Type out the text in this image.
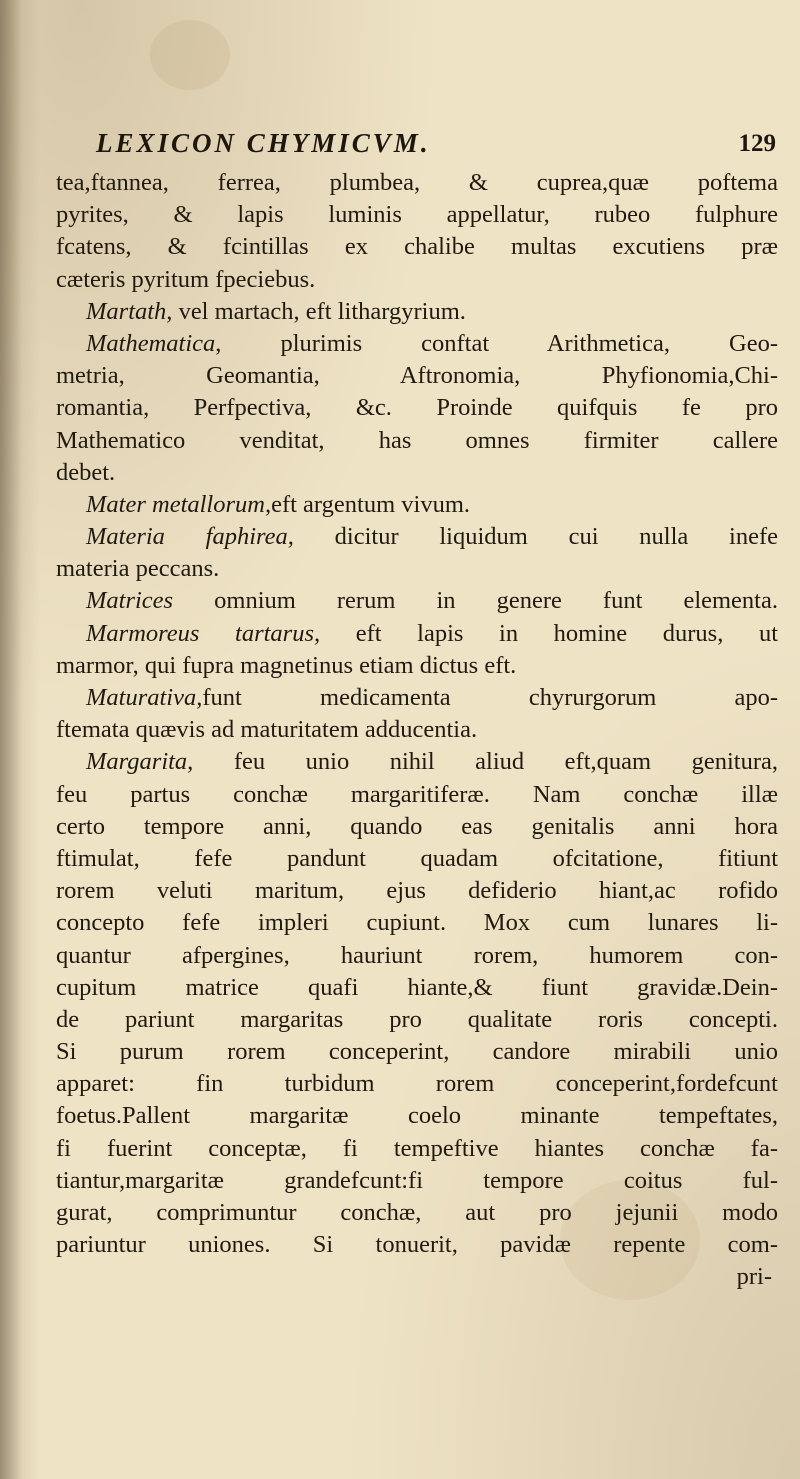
LEXICON CHYMICVM.	129
tea,ftannea, ferrea, plumbea, & cuprea,quæ poftema
pyrites, & lapis luminis appellatur, rubeo fulphure
fcatens, & fcintillas ex chalibe multas excutiens præ
cæteris pyritum fpeciebus.
Martath, vel martach, eft lithargyrium.
Mathematica, plurimis conftat Arithmetica, Geo-
metria, Geomantia, Aftronomia, Phyfionomia,Chi-
romantia, Perfpectiva, &c. Proinde quifquis fe pro
Mathematico venditat, has omnes firmiter callere
debet.
Mater metallorum,eft argentum vivum.
Materia faphirea, dicitur liquidum cui nulla inefe
materia peccans.
Matrices omnium rerum in genere funt elementa.
Marmoreus tartarus, eft lapis in homine durus, ut
marmor, qui fupra magnetinus etiam dictus eft.
Maturativa,funt medicamenta chyrurgorum apo-
ftemata quævis ad maturitatem adducentia.
Margarita, feu unio nihil aliud eft,quam genitura,
feu partus conchæ margaritiferæ. Nam conchæ illæ
certo tempore anni, quando eas genitalis anni hora
ftimulat, fefe pandunt quadam ofcitatione, fitiunt
rorem veluti maritum, ejus defiderio hiant,ac rofido
concepto fefe impleri cupiunt. Mox cum lunares li-
quantur afpergines, hauriunt rorem, humorem con-
cupitum matrice quafi hiante,& fiunt gravidæ.Dein-
de pariunt margaritas pro qualitate roris concepti.
Si purum rorem conceperint, candore mirabili unio
apparet: fin turbidum rorem conceperint,fordefcunt
foetus.Pallent margaritæ coelo minante tempeftates,
fi fuerint conceptæ, fi tempeftive hiantes conchæ fa-
tiantur,margaritæ grandefcunt:fi tempore coitus ful-
gurat, comprimuntur conchæ, aut pro jejunii modo
pariuntur uniones. Si tonuerit, pavidæ repente com-
pri-
